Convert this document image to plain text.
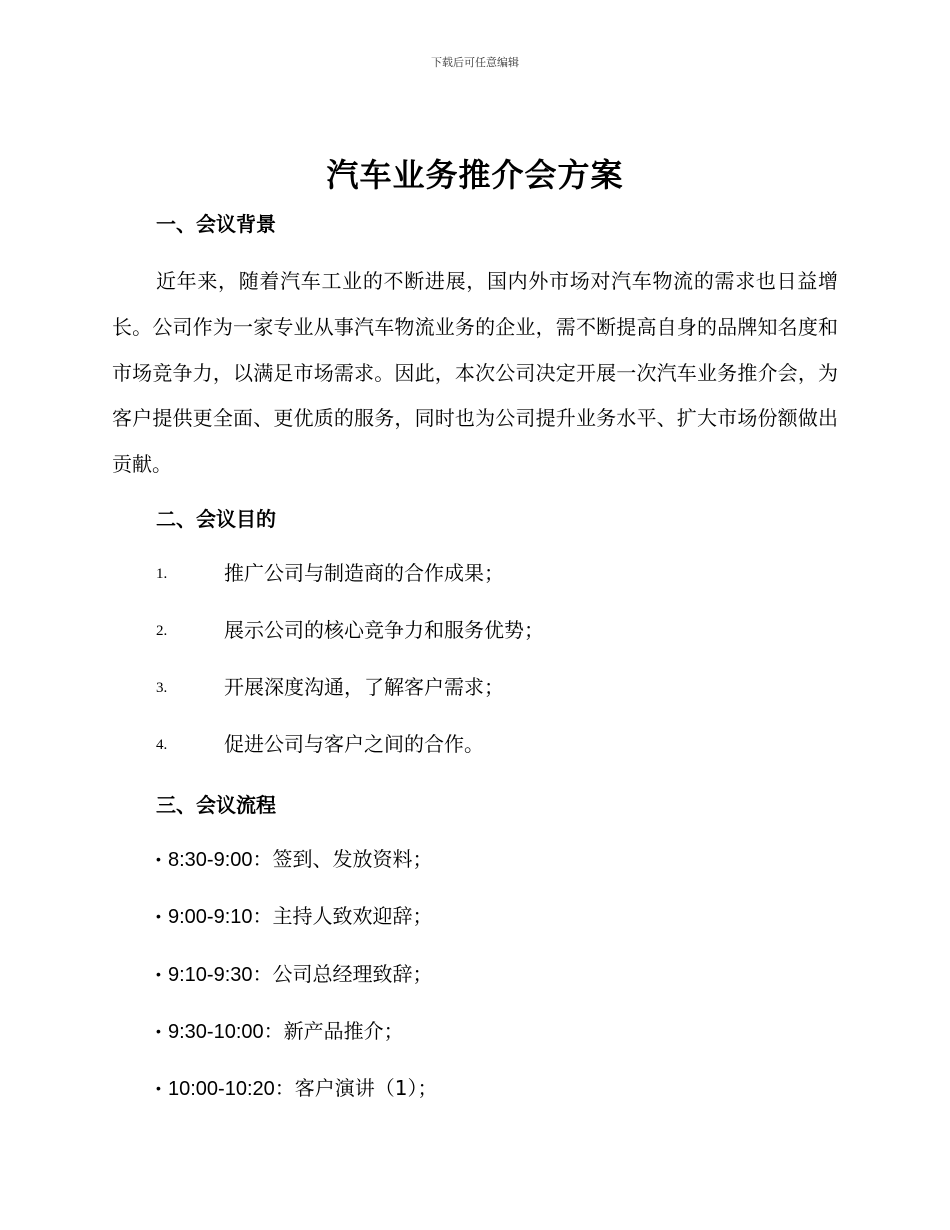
下载后可任意编辑
汽车业务推介会方案
一、会议背景

近年来，随着汽车工业的不断进展，国内外市场对汽车物流的需求也日益增长。公司作为一家专业从事汽车物流业务的企业，需不断提高自身的品牌知名度和市场竞争力，以满足市场需求。因此，本次公司决定开展一次汽车业务推介会，为客户提供更全面、更优质的服务，同时也为公司提升业务水平、扩大市场份额做出贡献。

二、会议目的
1.	推广公司与制造商的合作成果；
2.	展示公司的核心竞争力和服务优势；
3.	开展深度沟通，了解客户需求；
4.	促进公司与客户之间的合作。
三、会议流程
• 8:30-9:00：签到、发放资料；
• 9:00-9:10：主持人致欢迎辞；
• 9:10-9:30：公司总经理致辞；
• 9:30-10:00：新产品推介；
• 10:00-10:20：客户演讲（1）；
